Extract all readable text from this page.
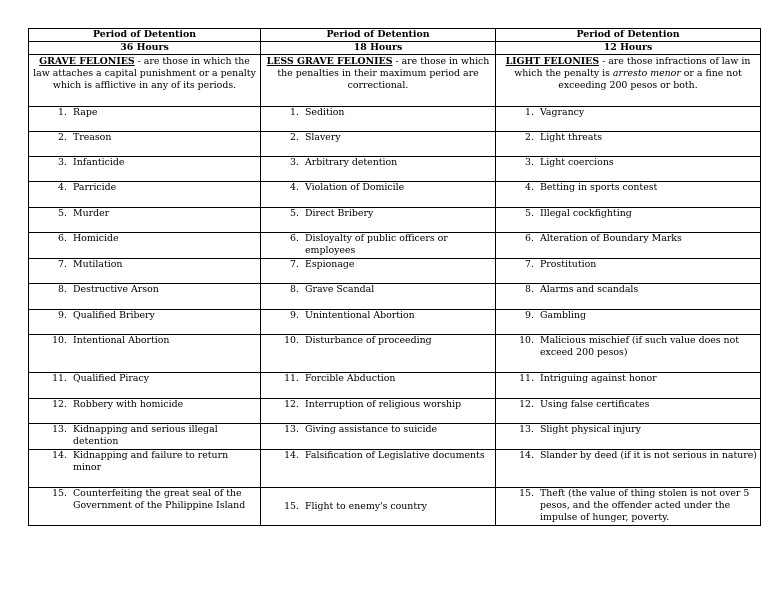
Period of Detention	Period of Detention	Period of Detention
36 Hours	18 Hours	12 Hours
GRAVE FELONIES - are those in which the law attaches a capital punishment or a penalty which is afflictive in any of its periods.	LESS GRAVE FELONIES - are those in which the penalties in their maximum period are correctional.	LIGHT FELONIES - are those infractions of law in which the penalty is arresto menor or a fine not exceeding 200 pesos or both.

1. Rape	1. Sedition	1. Vagrancy

2. Treason	2. Slavery	2. Light threats

3. Infanticide	3. Arbitrary detention	3. Light coercions

4. Parricide	4. Violation of Domicile	4. Betting in sports contest

5. Murder	5. Direct Bribery	5. Illegal cockfighting

6. Homicide	6. Disloyalty of public officers or employees	6. Alteration of Boundary Marks

7. Mutilation	7. Espionage	7. Prostitution

8. Destructive Arson	8. Grave Scandal	8. Alarms and scandals

9. Qualified Bribery	9. Unintentional Abortion	9. Gambling

10. Intentional Abortion	10. Disturbance of proceeding	10. Malicious mischief (if such value does not exceed 200 pesos)

11. Qualified Piracy	11. Forcible Abduction	11. Intriguing against honor

12. Robbery with homicide	12. Interruption of religious worship	12. Using false certificates

13. Kidnapping and serious illegal detention	13. Giving assistance to suicide	13. Slight physical injury

14. Kidnapping and failure to return minor	14. Falsification of Legislative documents	14. Slander by deed (if it is not serious in nature)

15. Counterfeiting the great seal of the Government of the Philippine Island	15. Flight to enemy's country	15. Theft (the value of thing stolen is not over 5 pesos, and the offender acted under the impulse of hunger, poverty.
